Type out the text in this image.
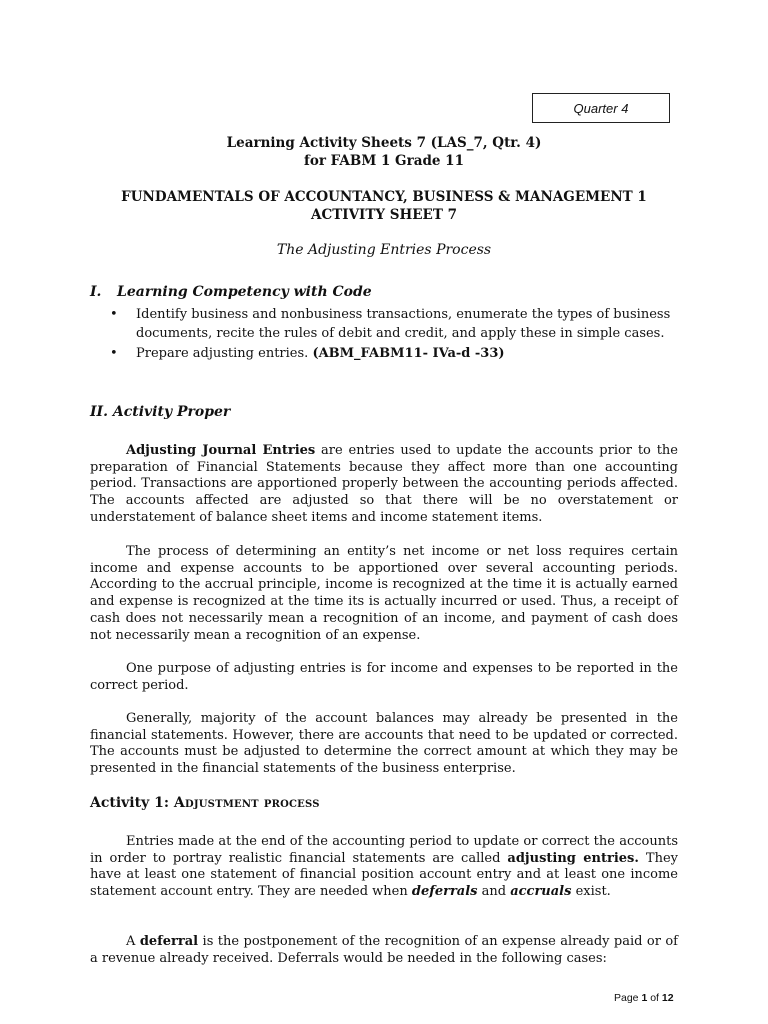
Quarter 4
Learning Activity Sheets 7 (LAS_7, Qtr. 4)
for FABM 1 Grade 11
FUNDAMENTALS OF ACCOUNTANCY, BUSINESS & MANAGEMENT 1
ACTIVITY SHEET 7
The Adjusting Entries Process
I. Learning Competency with Code
• Identify business and nonbusiness transactions, enumerate the types of business documents, recite the rules of debit and credit, and apply these in simple cases.
• Prepare adjusting entries. (ABM_FABM11- IVa-d -33)
II. Activity Proper

Adjusting Journal Entries are entries used to update the accounts prior to the preparation of Financial Statements because they affect more than one accounting period. Transactions are apportioned properly between the accounting periods affected. The accounts affected are adjusted so that there will be no overstatement or understatement of balance sheet items and income statement items.

The process of determining an entity’s net income or net loss requires certain income and expense accounts to be apportioned over several accounting periods. According to the accrual principle, income is recognized at the time it is actually earned and expense is recognized at the time its is actually incurred or used. Thus, a receipt of cash does not necessarily mean a recognition of an income, and payment of cash does not necessarily mean a recognition of an expense.

One purpose of adjusting entries is for income and expenses to be reported in the correct period.

Generally, majority of the account balances may already be presented in the financial statements. However, there are accounts that need to be updated or corrected. The accounts must be adjusted to determine the correct amount at which they may be presented in the financial statements of the business enterprise.

Activity 1: Adjustment process

Entries made at the end of the accounting period to update or correct the accounts in order to portray realistic financial statements are called adjusting entries. They have at least one statement of financial position account entry and at least one income statement account entry. They are needed when deferrals and accruals exist.

A deferral is the postponement of the recognition of an expense already paid or of a revenue already received. Deferrals would be needed in the following cases:

Page 1 of 12
